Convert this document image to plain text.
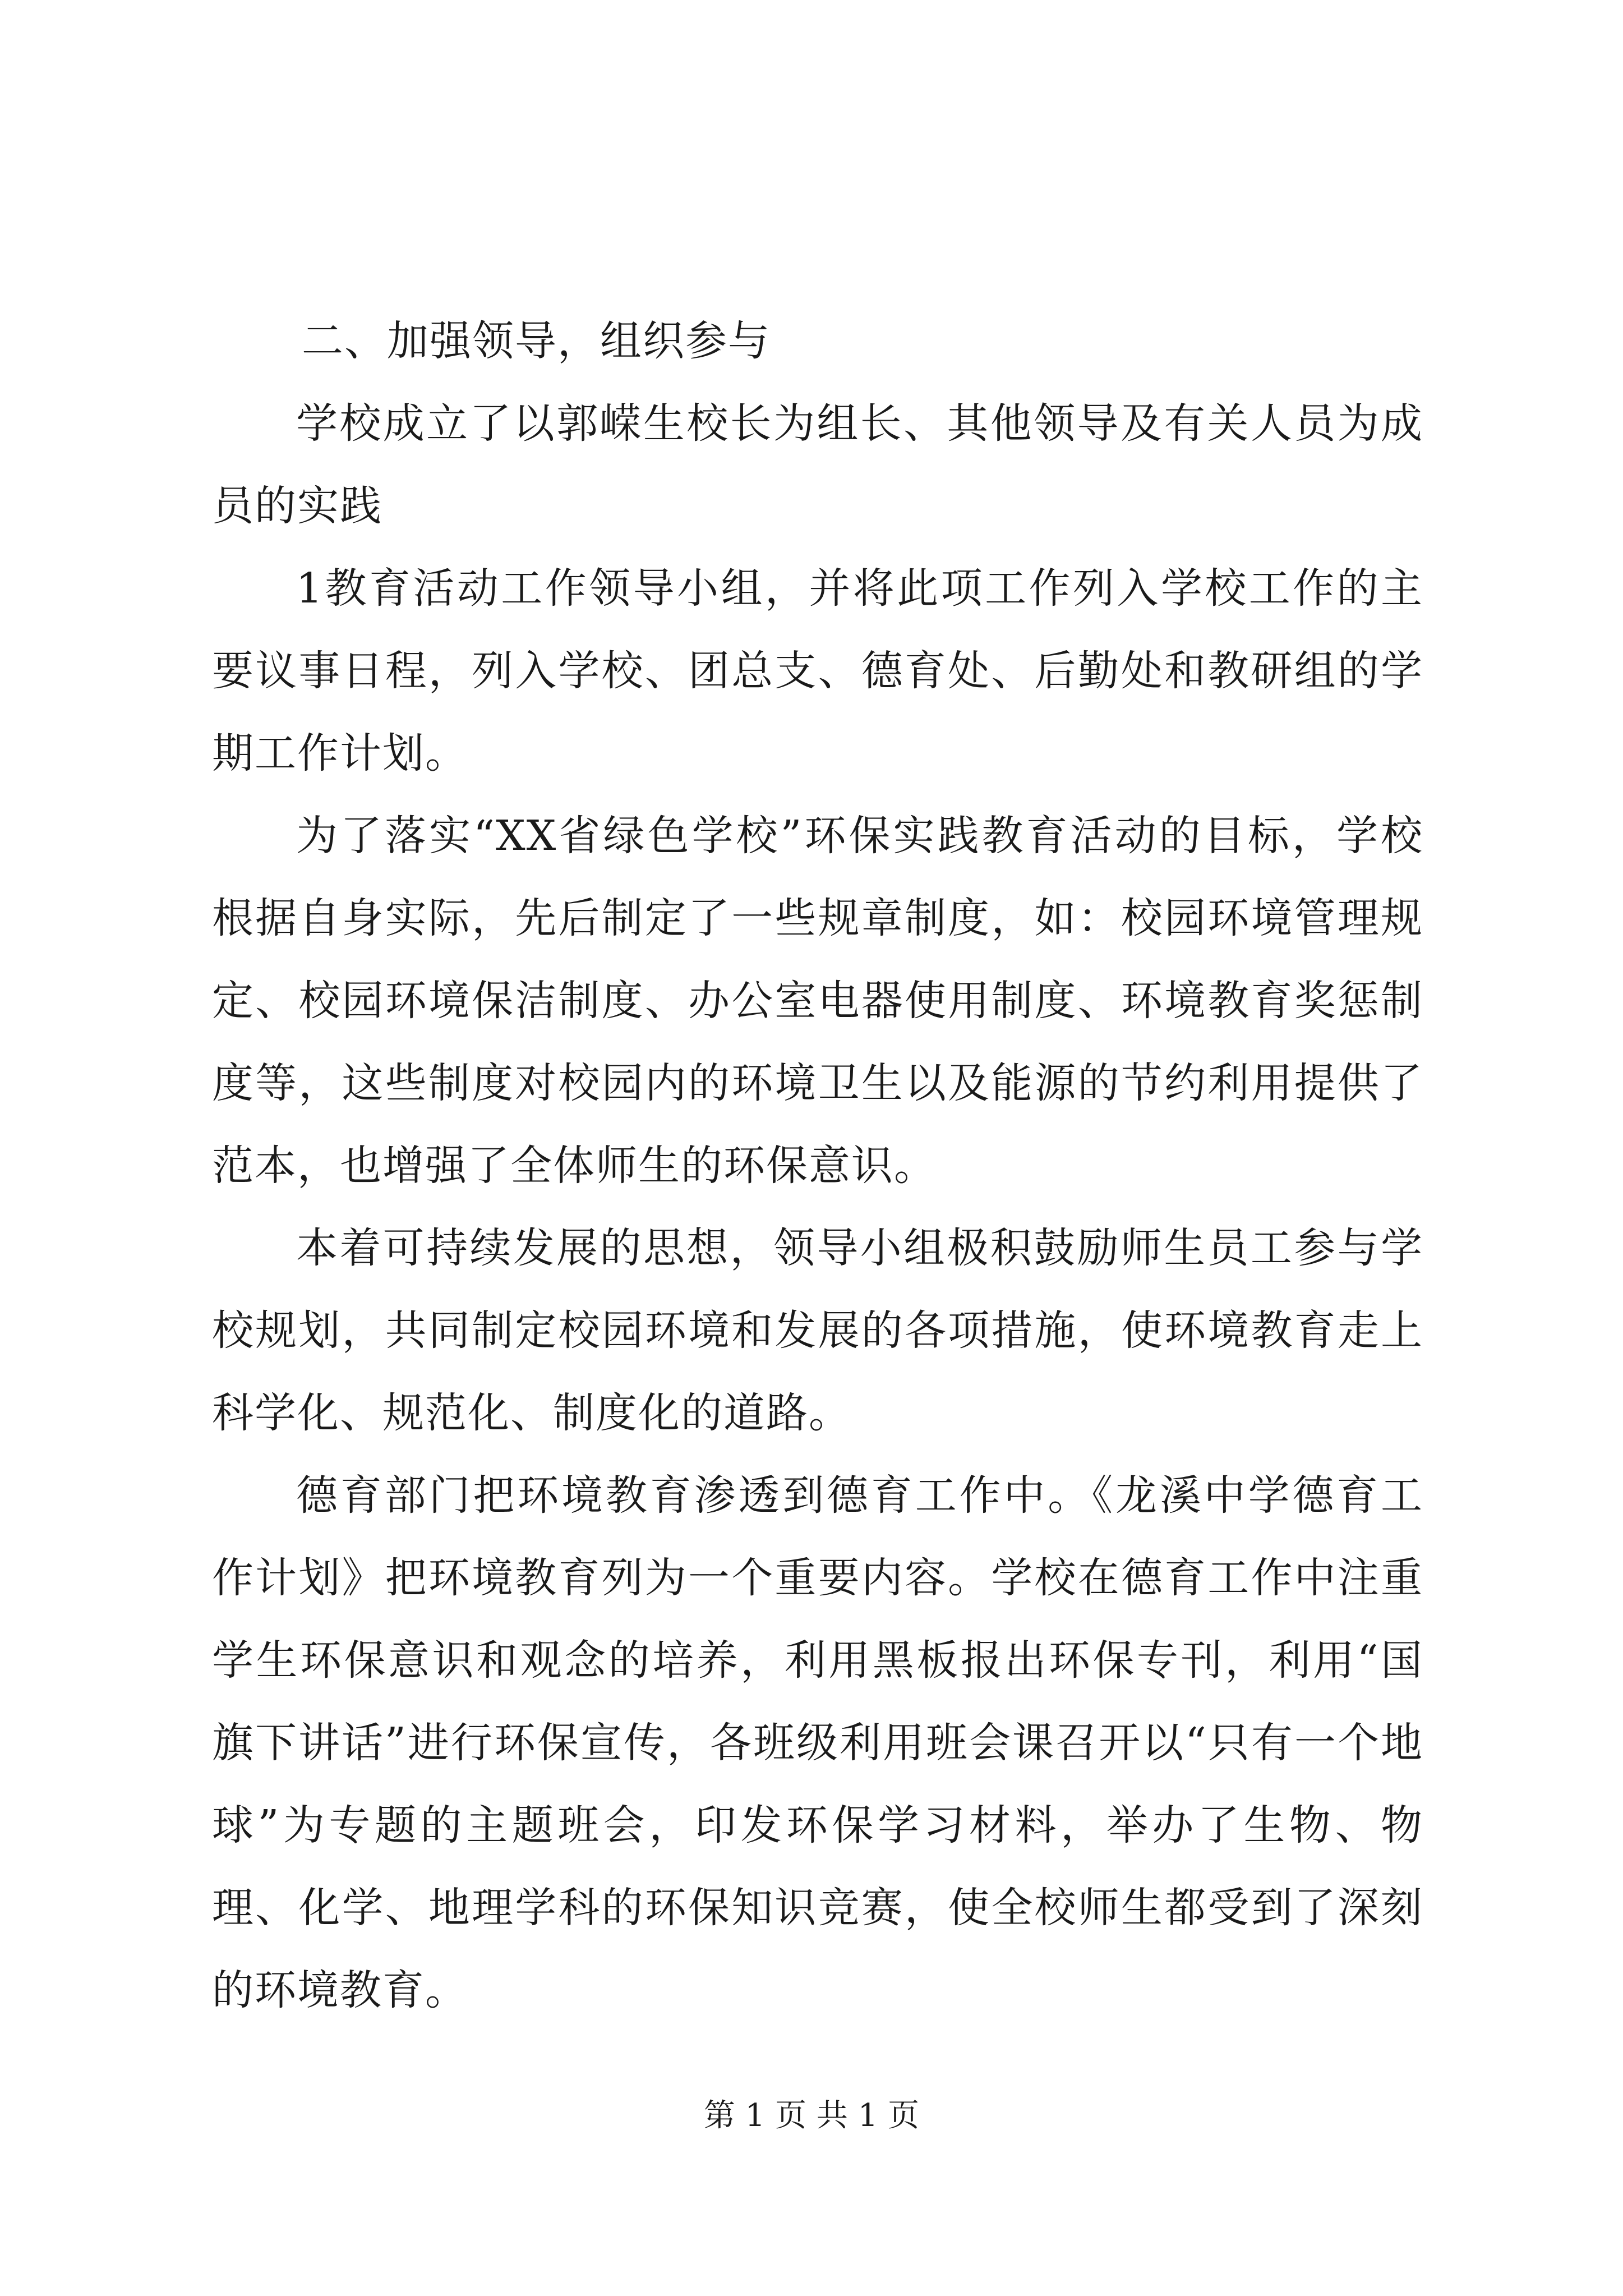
二、加强领导，组织参与

学校成立了以郭嵘生校长为组长、其他领导及有关人员为成员的实践

1教育活动工作领导小组，并将此项工作列入学校工作的主要议事日程，列入学校、团总支、德育处、后勤处和教研组的学期工作计划。

为了落实“XX省绿色学校”环保实践教育活动的目标，学校根据自身实际，先后制定了一些规章制度，如：校园环境管理规定、校园环境保洁制度、办公室电器使用制度、环境教育奖惩制度等，这些制度对校园内的环境卫生以及能源的节约利用提供了范本，也增强了全体师生的环保意识。

本着可持续发展的思想，领导小组极积鼓励师生员工参与学校规划，共同制定校园环境和发展的各项措施，使环境教育走上科学化、规范化、制度化的道路。

德育部门把环境教育渗透到德育工作中。《龙溪中学德育工作计划》把环境教育列为一个重要内容。学校在德育工作中注重学生环保意识和观念的培养，利用黑板报出环保专刊，利用“国旗下讲话”进行环保宣传，各班级利用班会课召开以“只有一个地球”为专题的主题班会，印发环保学习材料，举办了生物、物理、化学、地理学科的环保知识竞赛，使全校师生都受到了深刻的环境教育。

第 1 页 共 1 页
